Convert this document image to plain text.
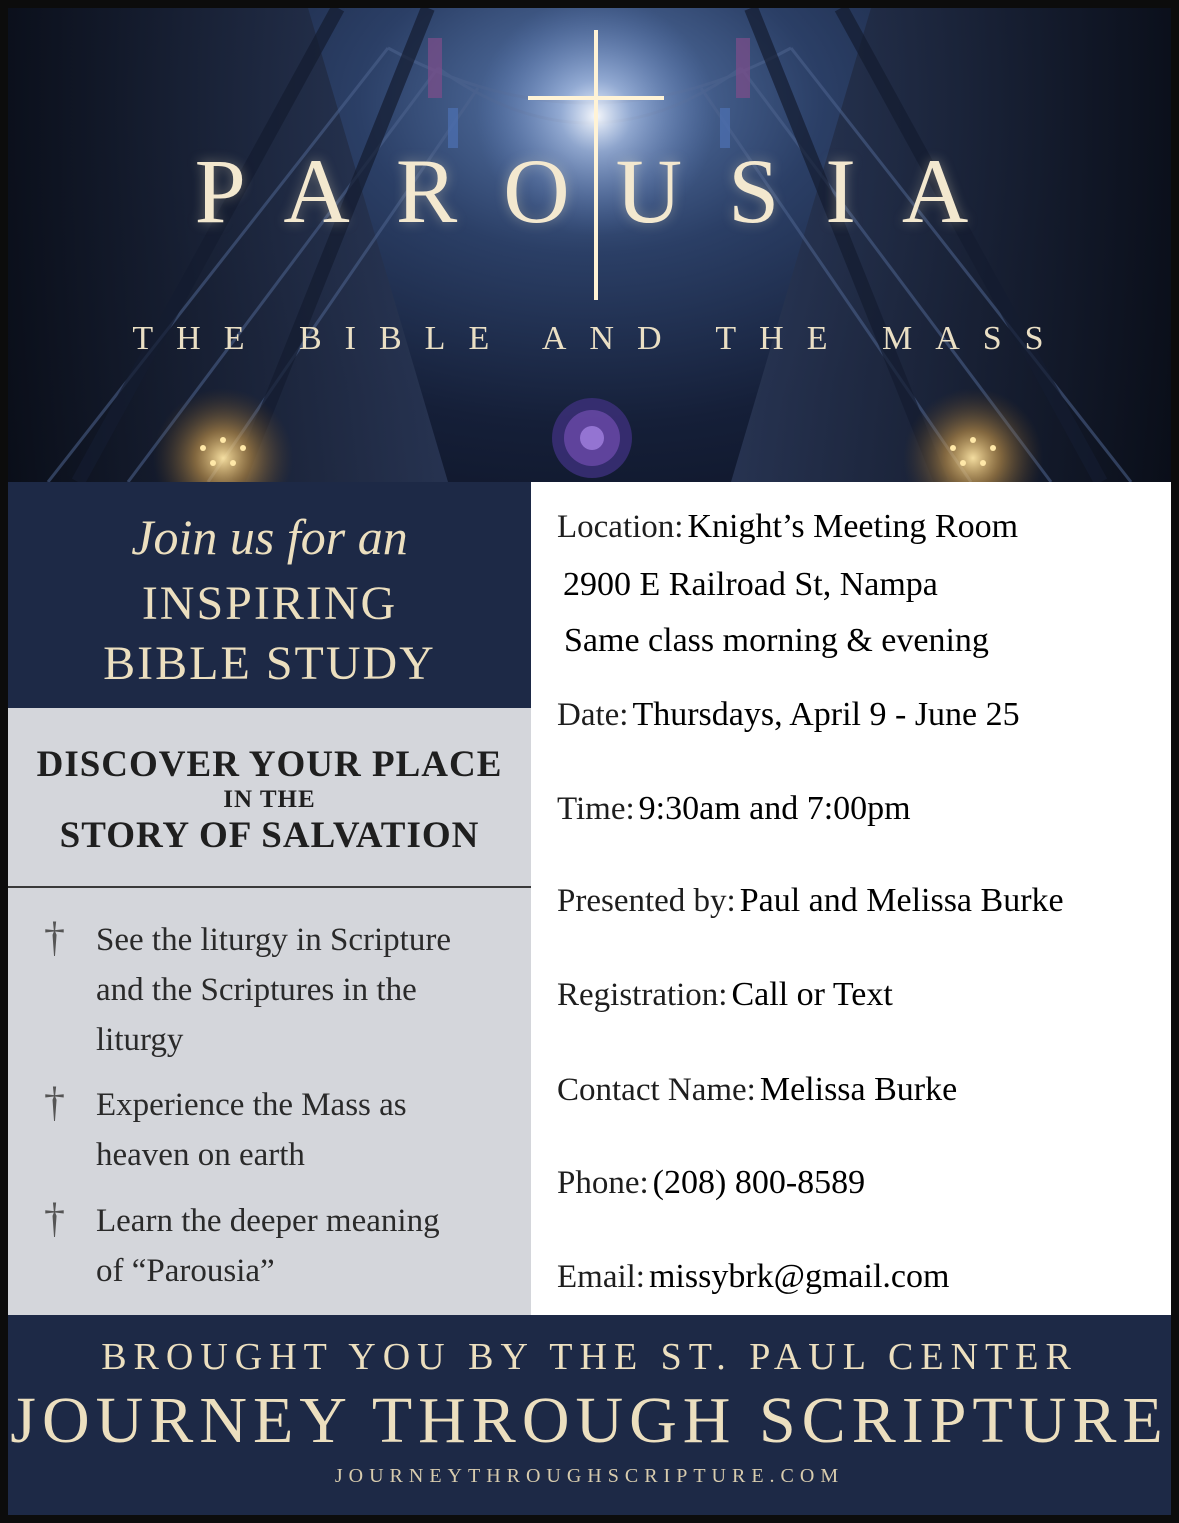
PAROUSIA
THE BIBLE AND THE MASS
Join us for an
INSPIRING
BIBLE STUDY
DISCOVER YOUR PLACE
IN THE
STORY OF SALVATION
† See the liturgy in Scripture
and the Scriptures in the
liturgy
† Experience the Mass as
heaven on earth
† Learn the deeper meaning
of “Parousia”
Location: Knight’s Meeting Room
2900 E Railroad St, Nampa
Same class morning & evening
Date: Thursdays, April 9 - June 25
Time: 9:30am and 7:00pm
Presented by: Paul and Melissa Burke
Registration: Call or Text
Contact Name: Melissa Burke
Phone: (208) 800-8589
Email: missybrk@gmail.com
BROUGHT YOU BY THE ST. PAUL CENTER
JOURNEY THROUGH SCRIPTURE
JOURNEYTHROUGHSCRIPTURE.COM
